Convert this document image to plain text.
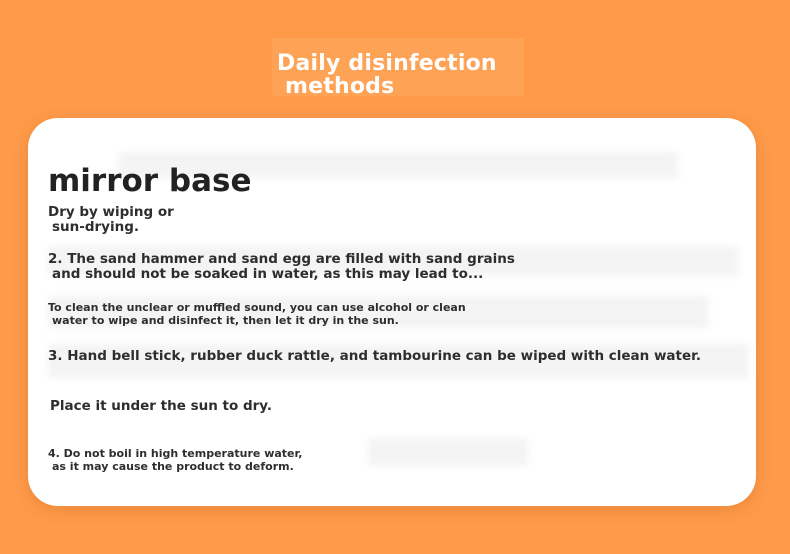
Daily disinfection
methods
mirror base

Dry by wiping or
sun-drying.

2. The sand hammer and sand egg are filled with sand grains
and should not be soaked in water, as this may lead to...

To clean the unclear or muffled sound, you can use alcohol or clean
water to wipe and disinfect it, then let it dry in the sun.

3. Hand bell stick, rubber duck rattle, and tambourine can be wiped with clean water.

Place it under the sun to dry.

4. Do not boil in high temperature water,
as it may cause the product to deform.
